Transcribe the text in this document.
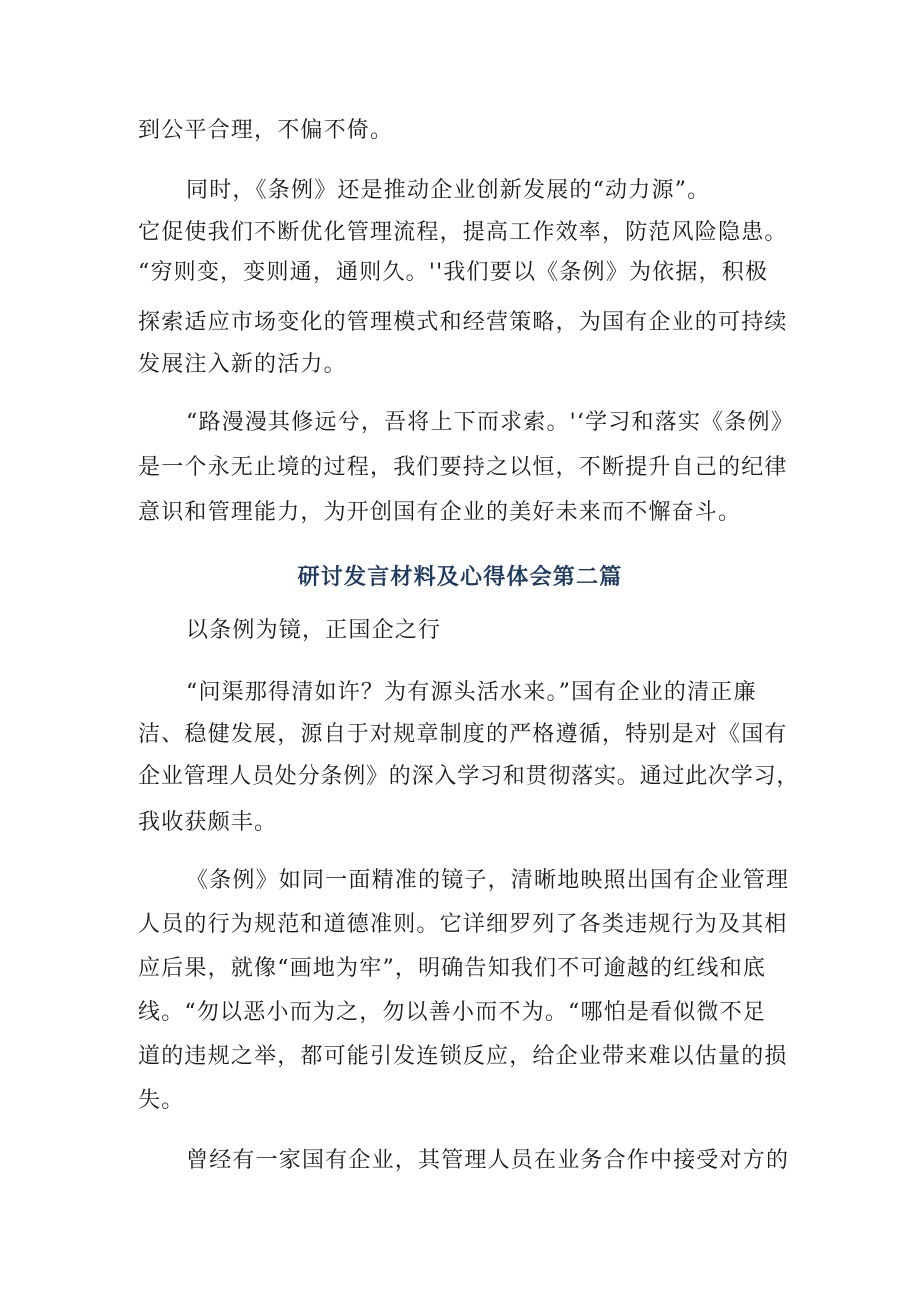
到公平合理，不偏不倚。
同时，《条例》还是推动企业创新发展的“动力源”。
它促使我们不断优化管理流程，提高工作效率，防范风险隐患。
“穷则变，变则通，通则久。''我们要以《条例》为依据，积极
探索适应市场变化的管理模式和经营策略，为国有企业的可持续
发展注入新的活力。
“路漫漫其修远兮，吾将上下而求索。'‘学习和落实《条例》
是一个永无止境的过程，我们要持之以恒，不断提升自己的纪律
意识和管理能力，为开创国有企业的美好未来而不懈奋斗。
研讨发言材料及心得体会第二篇
以条例为镜，正国企之行
“问渠那得清如许？为有源头活水来。”国有企业的清正廉
洁、稳健发展，源自于对规章制度的严格遵循，特别是对《国有
企业管理人员处分条例》的深入学习和贯彻落实。通过此次学习，
我收获颇丰。
《条例》如同一面精准的镜子，清晰地映照出国有企业管理
人员的行为规范和道德准则。它详细罗列了各类违规行为及其相
应后果，就像“画地为牢”，明确告知我们不可逾越的红线和底
线。“勿以恶小而为之，勿以善小而不为。“哪怕是看似微不足
道的违规之举，都可能引发连锁反应，给企业带来难以估量的损
失。
曾经有一家国有企业，其管理人员在业务合作中接受对方的
